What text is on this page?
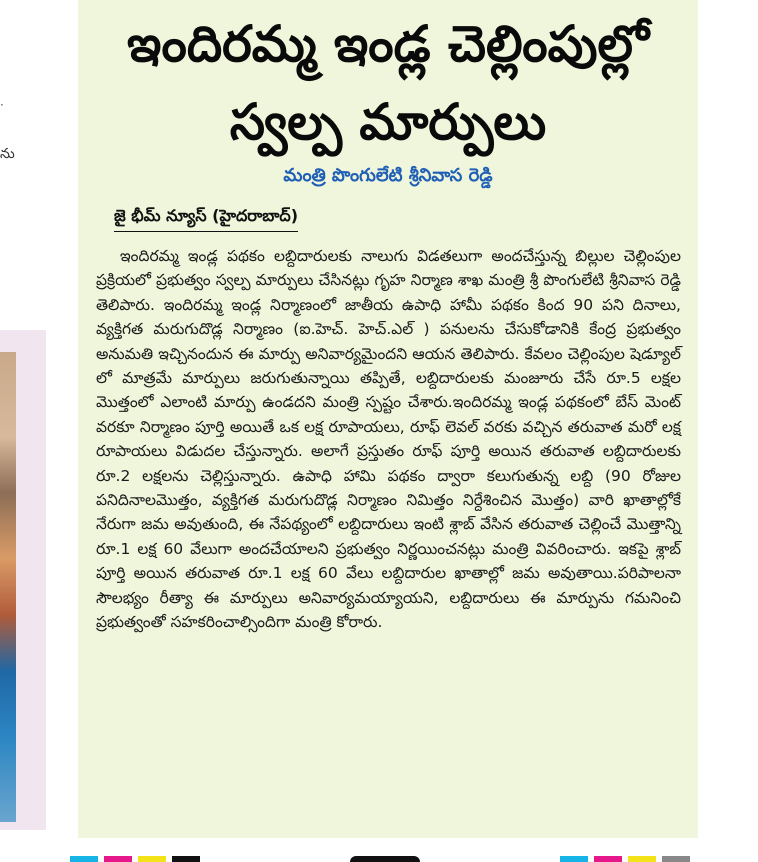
·
ను
ఇందిరమ్మ ఇండ్ల చెల్లింపుల్లో
స్వల్ప మార్పులు
మంత్రి పొంగులేటి శ్రీనివాస రెడ్డి
జై భీమ్ న్యూస్ (హైదరాబాద్)

ఇందిరమ్మ ఇండ్ల పథకం లబ్దిదారులకు నాలుగు విడతలుగా అందచేస్తున్న బిల్లుల చెల్లింపుల ప్రక్రియలో ప్రభుత్వం స్వల్ప మార్పులు చేసినట్లు గృహ నిర్మాణ శాఖ మంత్రి శ్రీ పొంగులేటి శ్రీనివాస రెడ్డి తెలిపారు. ఇందిరమ్మ ఇండ్ల నిర్మాణంలో జాతీయ ఉపాధి హామీ పథకం కింద 90 పని దినాలు, వ్యక్తిగత మరుగుదొడ్ల నిర్మాణం (ఐ.హెచ్. హెచ్.ఎల్ ) పనులను చేసుకోడానికి కేంద్ర ప్రభుత్వం అనుమతి ఇచ్చినందున ఈ మార్పు అనివార్యమైందని ఆయన తెలిపారు. కేవలం చెల్లింపుల షెడ్యూల్ లో మాత్రమే మార్పులు జరుగుతున్నాయి తప్పితే, లబ్దిదారులకు మంజూరు చేసే రూ.5 లక్షల మొత్తంలో ఎలాంటి మార్పు ఉండదని మంత్రి స్పష్టం చేశారు.ఇందిరమ్మ ఇండ్ల పథకంలో బేస్ మెంట్ వరకూ నిర్మాణం పూర్తి అయితే ఒక లక్ష రూపాయలు, రూఫ్ లెవల్ వరకు వచ్చిన తరువాత మరో లక్ష రూపాయలు విడుదల చేస్తున్నారు. అలాగే ప్రస్తుతం రూఫ్ పూర్తి అయిన తరువాత లబ్దిదారులకు రూ.2 లక్షలను చెల్లిస్తున్నారు. ఉపాధి హామి పథకం ద్వారా కలుగుతున్న లబ్ది (90 రోజుల పనిదినాలమొత్తం, వ్యక్తిగత మరుగుదొడ్ల నిర్మాణం నిమిత్తం నిర్దేశించిన మొత్తం) వారి ఖాతాల్లోకే నేరుగా జమ అవుతుంది, ఈ నేపథ్యంలో లబ్దిదారులు ఇంటి శ్లాబ్ వేసిన తరువాత చెల్లించే మొత్తాన్ని రూ.1 లక్ష 60 వేలుగా అందచేయాలని ప్రభుత్వం నిర్ణయించనట్లు మంత్రి వివరించారు. ఇకపై శ్లాబ్ పూర్తి అయిన తరువాత రూ.1 లక్ష 60 వేలు లబ్దిదారుల ఖాతాల్లో జమ అవుతాయి.పరిపాలనా సౌలభ్యం రీత్యా ఈ మార్పులు అనివార్యమయ్యాయని, లబ్దిదారులు ఈ మార్పును గమనించి ప్రభుత్వంతో సహకరించాల్సిందిగా మంత్రి కోరారు.
